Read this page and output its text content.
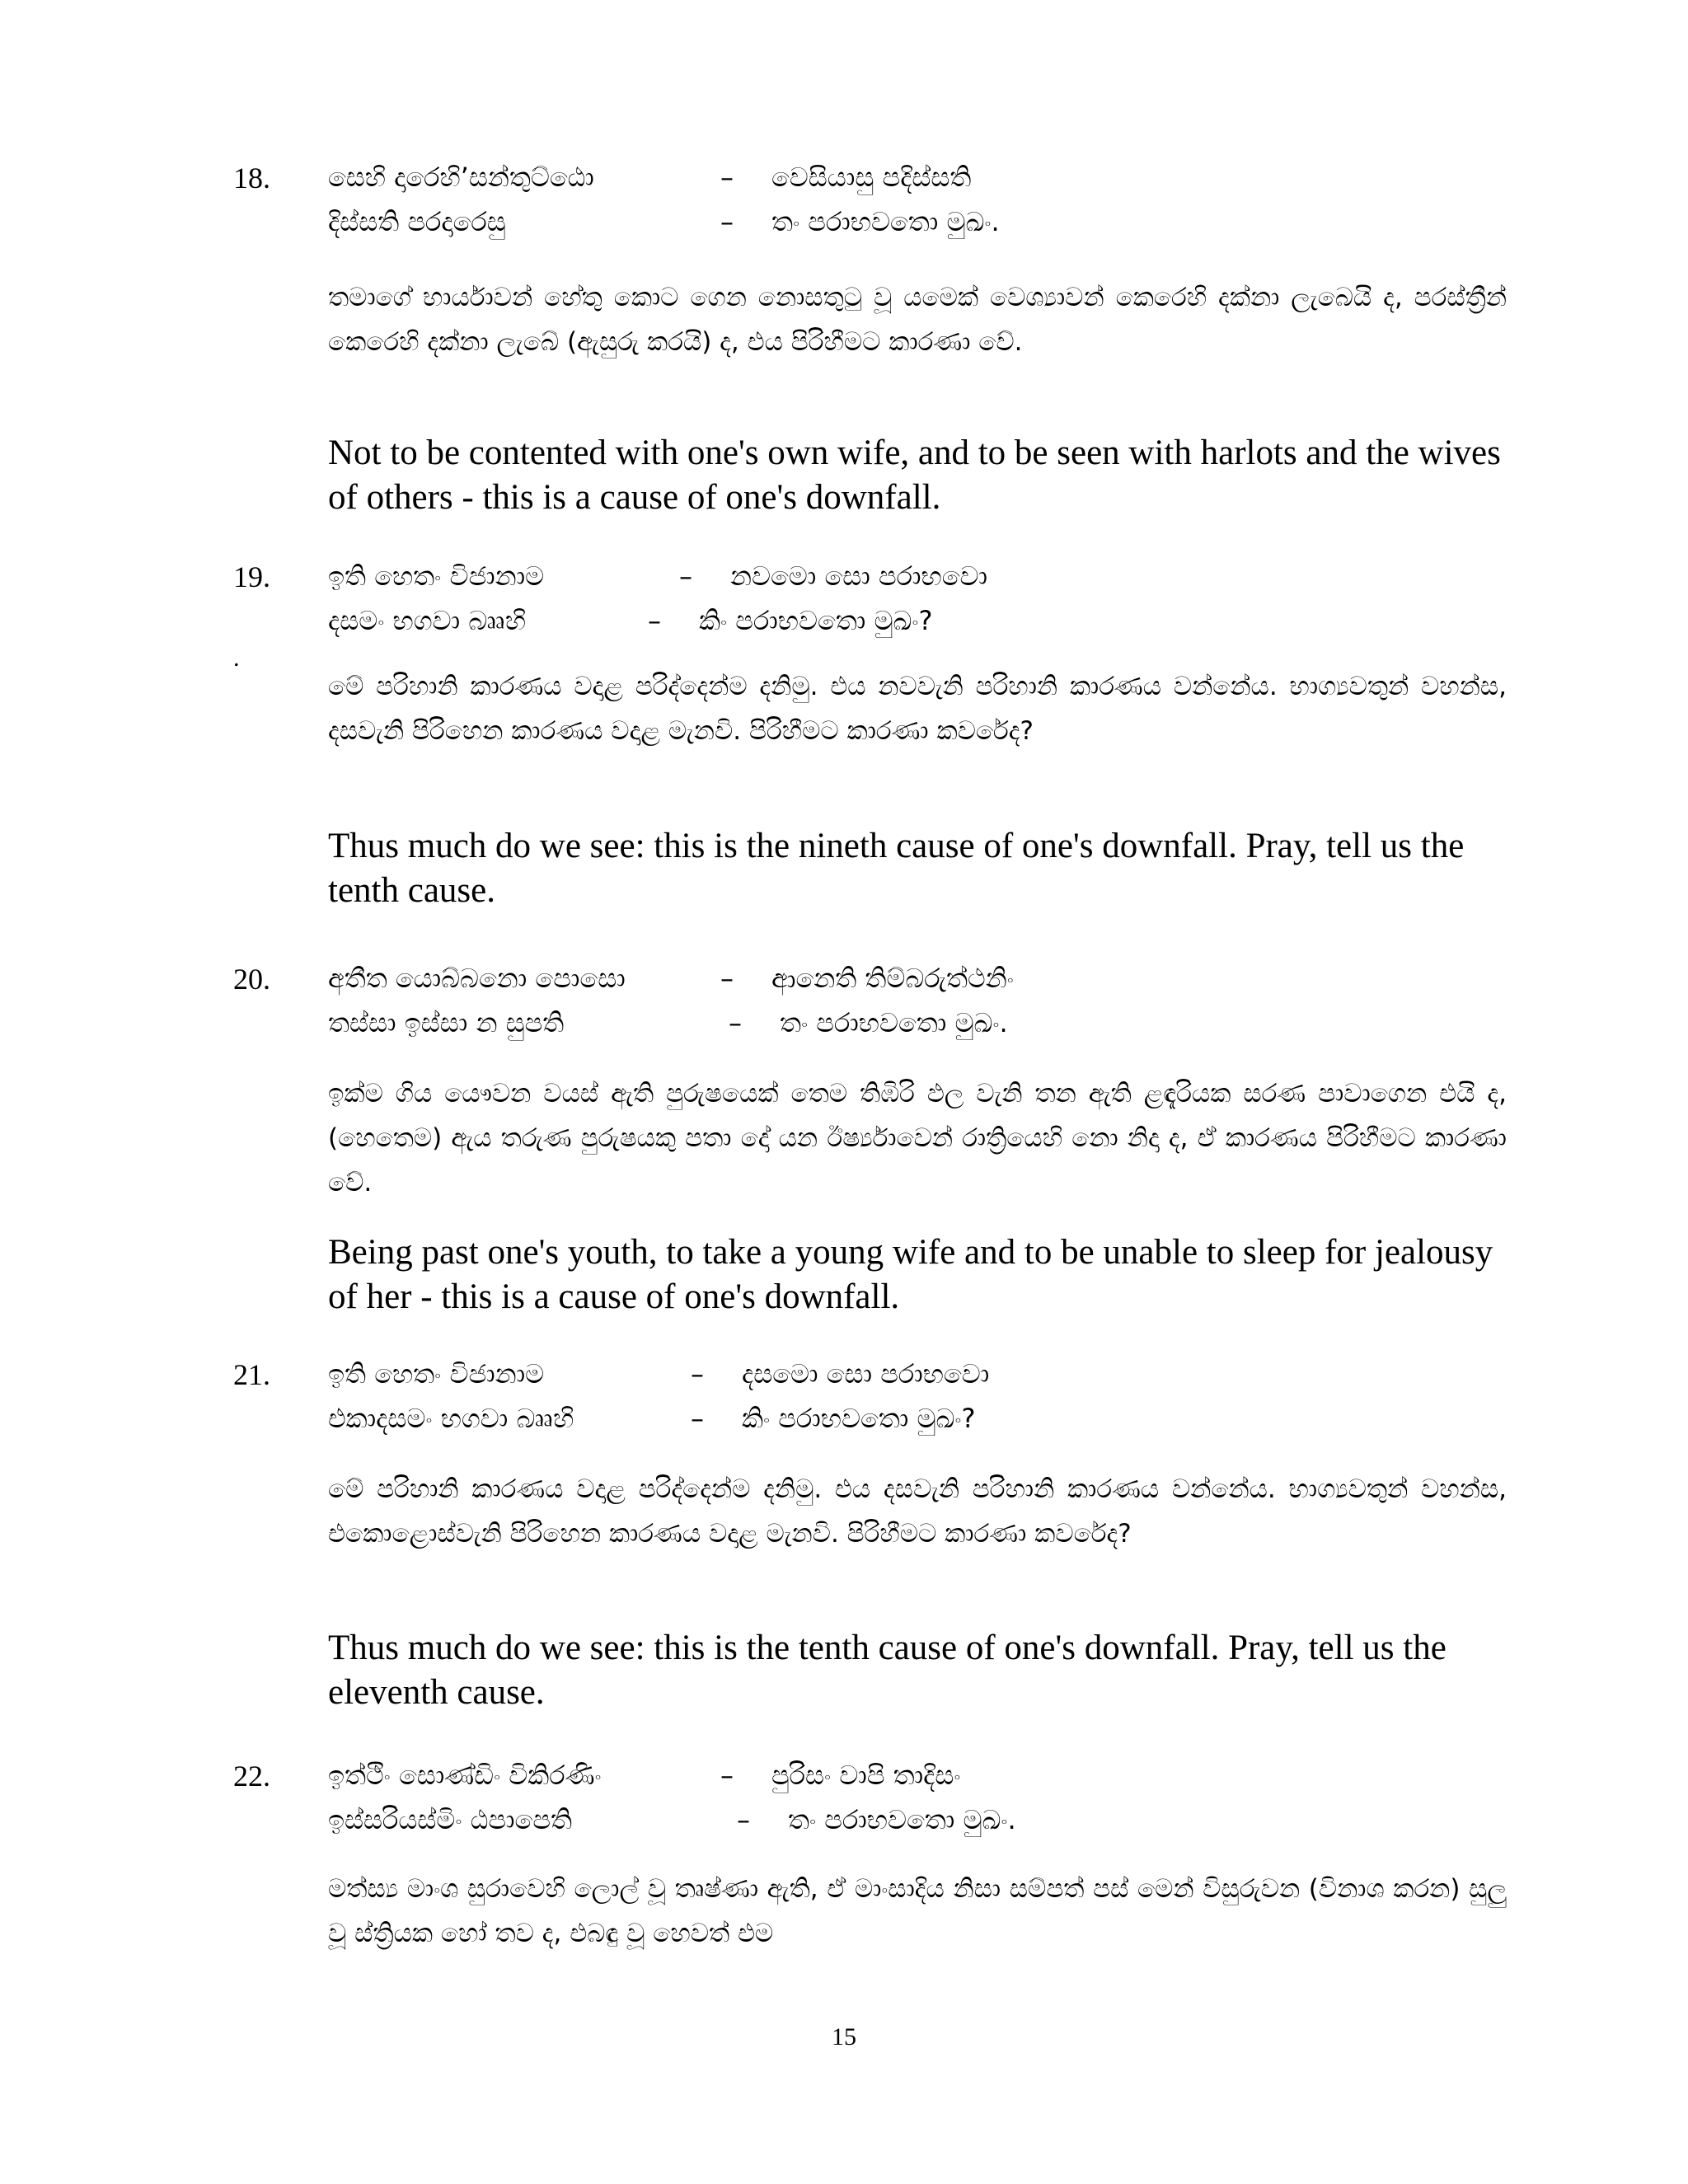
18. සෙහි දාරෙහි’සන්තුට්ඨො	– වෙසියාසු පදිස්සති
දිස්සති පරදාරෙසු	– තං පරාභවතො මුඛං.

තමාගේ භාර්යාවන් හේතු කොට ගෙන නොසතුටු වූ යමෙක් වෙශ්‍යාවන් කෙරෙහි දක්නා ලැබෙයි ද, පරස්ත්‍රීන් කෙරෙහි දක්නා ලැබේ (ඇසුරු කරයි) ද, එය පිරිහීමට කාරණා වේ.

Not to be contented with one's own wife, and to be seen with harlots and the wives of others - this is a cause of one's downfall.

19. ඉති හෙතං විජානාම	– නවමො සො පරාභවො
දසමං භගවා බෲහි	– කිං පරාභවතො මුඛං?

මේ පරිහානි කාරණය වදාළ පරිද්දෙන්ම දනිමු. එය නවවැනි පරිහානි කාරණය වන්නේය. භාග්‍යවතුන් වහන්ස, දසවැනි පිරිහෙන කාරණය වදාළ මැනවි. පිරිහීමට කාරණා කවරේද?

Thus much do we see: this is the nineth cause of one's downfall. Pray, tell us the tenth cause.

.
20. අතීත යොබ්බනො පොසො	– ආනෙති තිම්බරුත්ථනිං
තස්සා ඉස්සා න සුපති	– තං පරාභවතො මුඛං.

ඉක්ම ගිය යෞවන වයස් ඇති පුරුෂයෙක් තෙම තිඹිරි ඵල වැනි තන ඇති ළඳැරියක සරණ පාවාගෙන එයි ද, (හෙතෙම) ඇය තරුණ පුරුෂයකු පතා දෝ යන ඊර්ෂ්‍යාවෙන් රාත්‍රියෙහි නො නිදා ද, ඒ කාරණය පිරිහීමට කාරණා වේ.

Being past one's youth, to take a young wife and to be unable to sleep for jealousy of her - this is a cause of one's downfall.

21. ඉති හෙතං විජානාම	– දසමො සො පරාභවො
එකාදසමං භගවා බෲහි	– කිං පරාභවතො මුඛං?

මේ පරිහානි කාරණය වදාළ පරිද්දෙන්ම දනිමු. එය දසවැනි පරිහානි කාරණය වන්නේය. භාග්‍යවතුන් වහන්ස, එකොළොස්වැනි පිරිහෙන කාරණය වදාළ මැනවි. පිරිහීමට කාරණා කවරේද?

Thus much do we see: this is the tenth cause of one's downfall. Pray, tell us the eleventh cause.

22. ඉත්ථිං සොණ්ඩිං විකිරණිං	– පුරිසං වාපි තාදිසං
ඉස්සරියස්මිං ඨපාපෙති	– තං පරාභවතො මුඛං.

මත්ස්‍ය මාංශ සුරාවෙහි ලොල් වූ තෘෂ්ණා ඇති, ඒ මාංසාදිය නිසා සම්පත් පස් මෙන් විසුරුවන (විනාශ කරන) සුලු වූ ස්ත්‍රියක හෝ තව ද, එබඳු වූ හෙවත් එම

15
